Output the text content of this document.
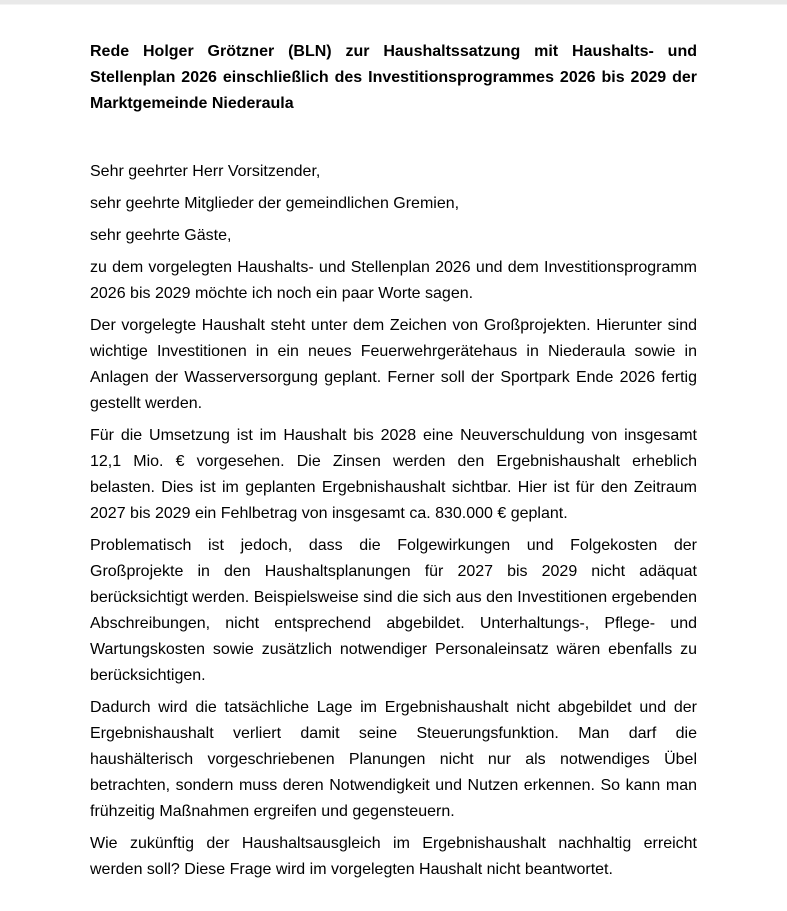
Rede Holger Grötzner (BLN) zur Haushaltssatzung mit Haushalts- und Stellenplan 2026 einschließlich des Investitionsprogrammes 2026 bis 2029 der Marktgemeinde Niederaula

Sehr geehrter Herr Vorsitzender,

sehr geehrte Mitglieder der gemeindlichen Gremien,

sehr geehrte Gäste,

zu dem vorgelegten Haushalts- und Stellenplan 2026 und dem Investitionsprogramm 2026 bis 2029 möchte ich noch ein paar Worte sagen.

Der vorgelegte Haushalt steht unter dem Zeichen von Großprojekten. Hierunter sind wichtige Investitionen in ein neues Feuerwehrgerätehaus in Niederaula sowie in Anlagen der Wasserversorgung geplant. Ferner soll der Sportpark Ende 2026 fertig gestellt werden.

Für die Umsetzung ist im Haushalt bis 2028 eine Neuverschuldung von insgesamt 12,1 Mio. € vorgesehen. Die Zinsen werden den Ergebnishaushalt erheblich belasten. Dies ist im geplanten Ergebnishaushalt sichtbar. Hier ist für den Zeitraum 2027 bis 2029 ein Fehlbetrag von insgesamt ca. 830.000 € geplant.

Problematisch ist jedoch, dass die Folgewirkungen und Folgekosten der Großprojekte in den Haushaltsplanungen für 2027 bis 2029 nicht adäquat berücksichtigt werden. Beispielsweise sind die sich aus den Investitionen ergebenden Abschreibungen, nicht entsprechend abgebildet. Unterhaltungs-, Pflege- und Wartungskosten sowie zusätzlich notwendiger Personaleinsatz wären ebenfalls zu berücksichtigen.

Dadurch wird die tatsächliche Lage im Ergebnishaushalt nicht abgebildet und der Ergebnishaushalt verliert damit seine Steuerungsfunktion. Man darf die haushälterisch vorgeschriebenen Planungen nicht nur als notwendiges Übel betrachten, sondern muss deren Notwendigkeit und Nutzen erkennen. So kann man frühzeitig Maßnahmen ergreifen und gegensteuern.

Wie zukünftig der Haushaltsausgleich im Ergebnishaushalt nachhaltig erreicht werden soll? Diese Frage wird im vorgelegten Haushalt nicht beantwortet.
